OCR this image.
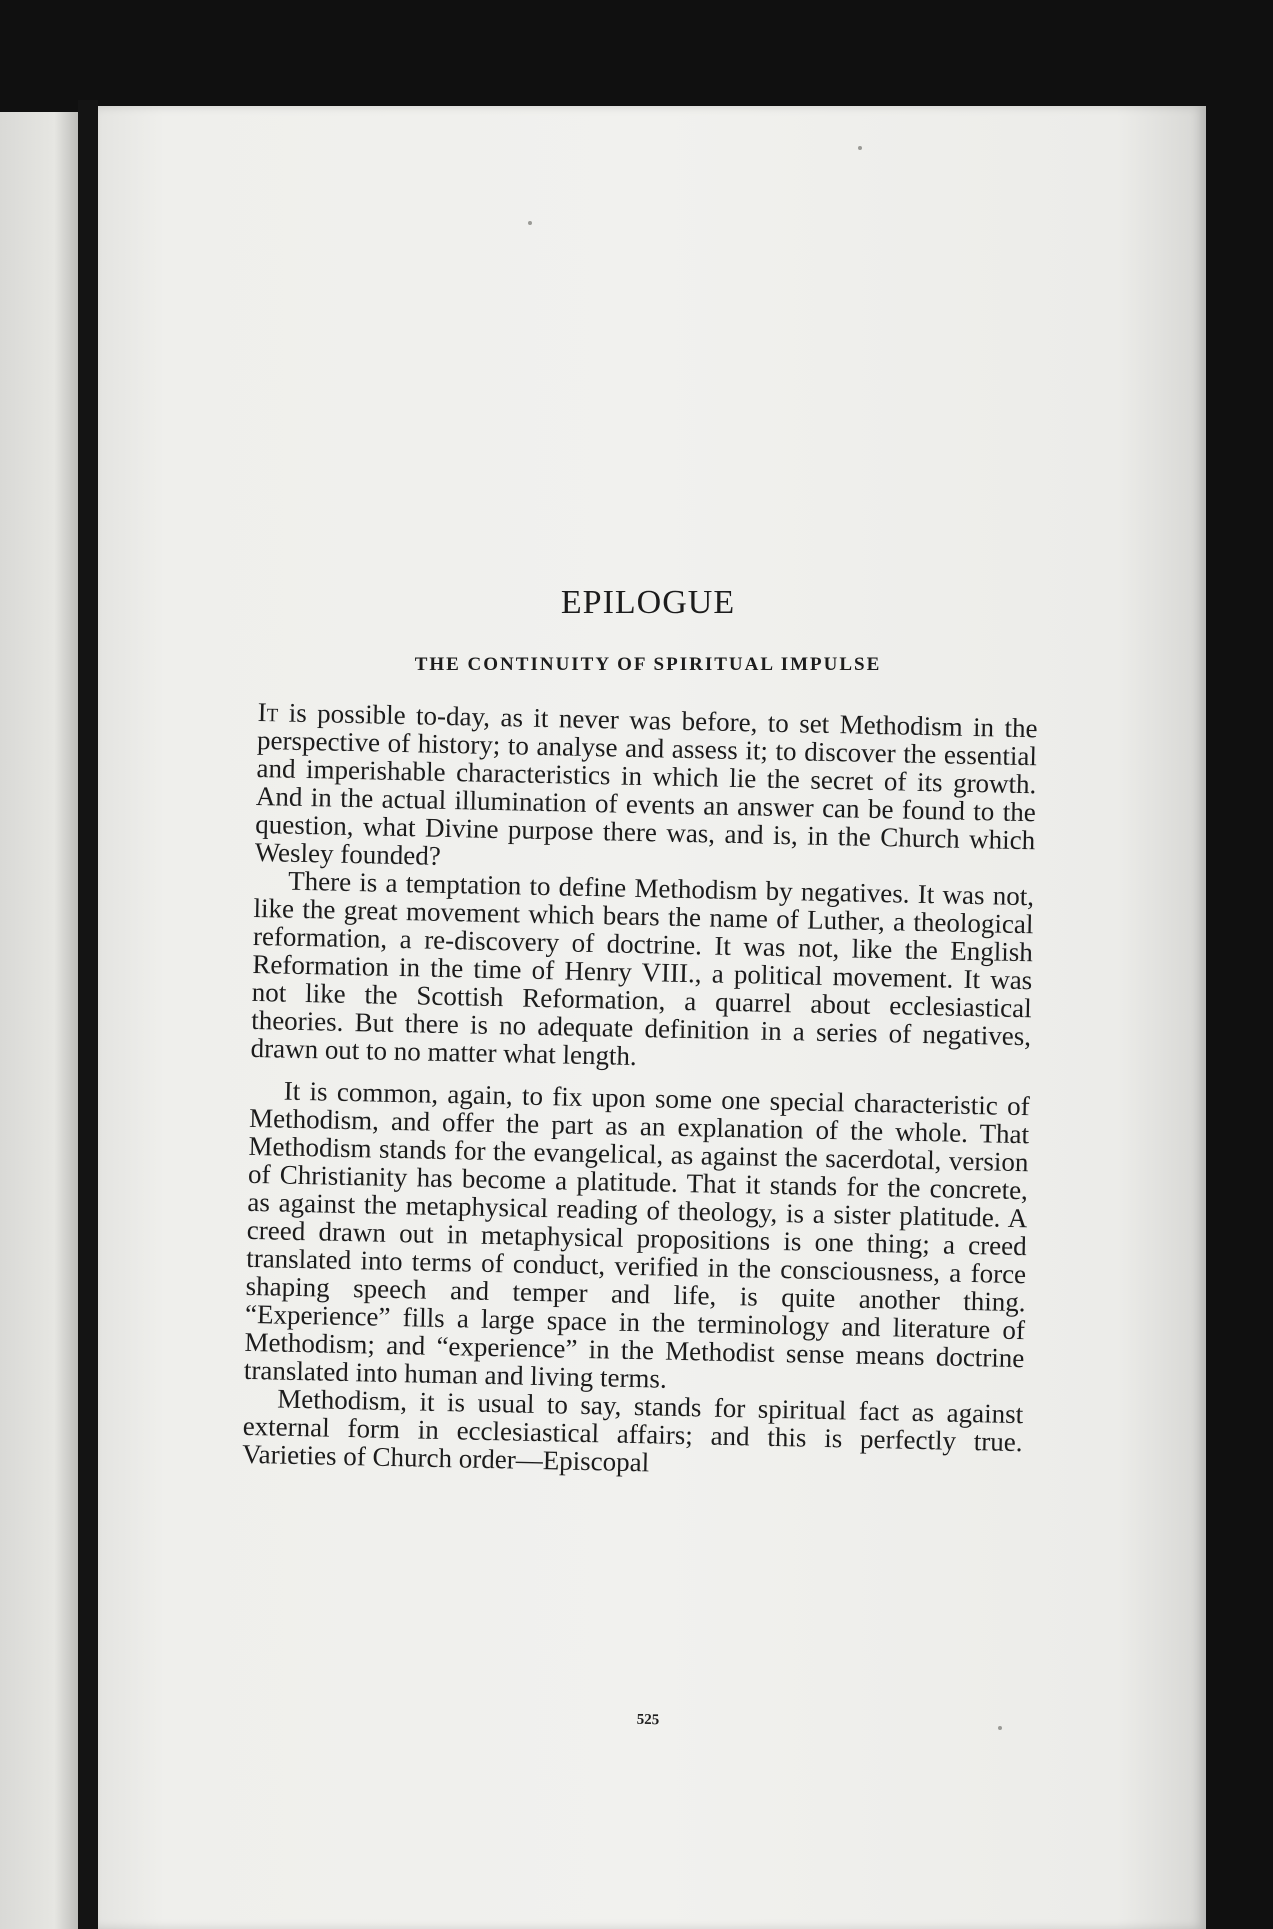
EPILOGUE
THE CONTINUITY OF SPIRITUAL IMPULSE

It is possible to-day, as it never was before, to set Methodism in the perspective of history; to analyse and assess it; to discover the essential and imperishable characteristics in which lie the secret of its growth. And in the actual illumination of events an answer can be found to the question, what Divine purpose there was, and is, in the Church which Wesley founded?

There is a temptation to define Methodism by negatives. It was not, like the great movement which bears the name of Luther, a theological reformation, a re-discovery of doctrine. It was not, like the English Reformation in the time of Henry VIII., a political movement. It was not like the Scottish Reformation, a quarrel about ecclesiastical theories. But there is no adequate definition in a series of negatives, drawn out to no matter what length.

It is common, again, to fix upon some one special characteristic of Methodism, and offer the part as an explanation of the whole. That Methodism stands for the evangelical, as against the sacerdotal, version of Christianity has become a platitude. That it stands for the concrete, as against the metaphysical reading of theology, is a sister platitude. A creed drawn out in metaphysical propositions is one thing; a creed translated into terms of conduct, verified in the consciousness, a force shaping speech and temper and life, is quite another thing. “Experience” fills a large space in the terminology and literature of Methodism; and “experience” in the Methodist sense means doctrine translated into human and living terms.

Methodism, it is usual to say, stands for spiritual fact as against external form in ecclesiastical affairs; and this is perfectly true. Varieties of Church order—Episcopal

525
